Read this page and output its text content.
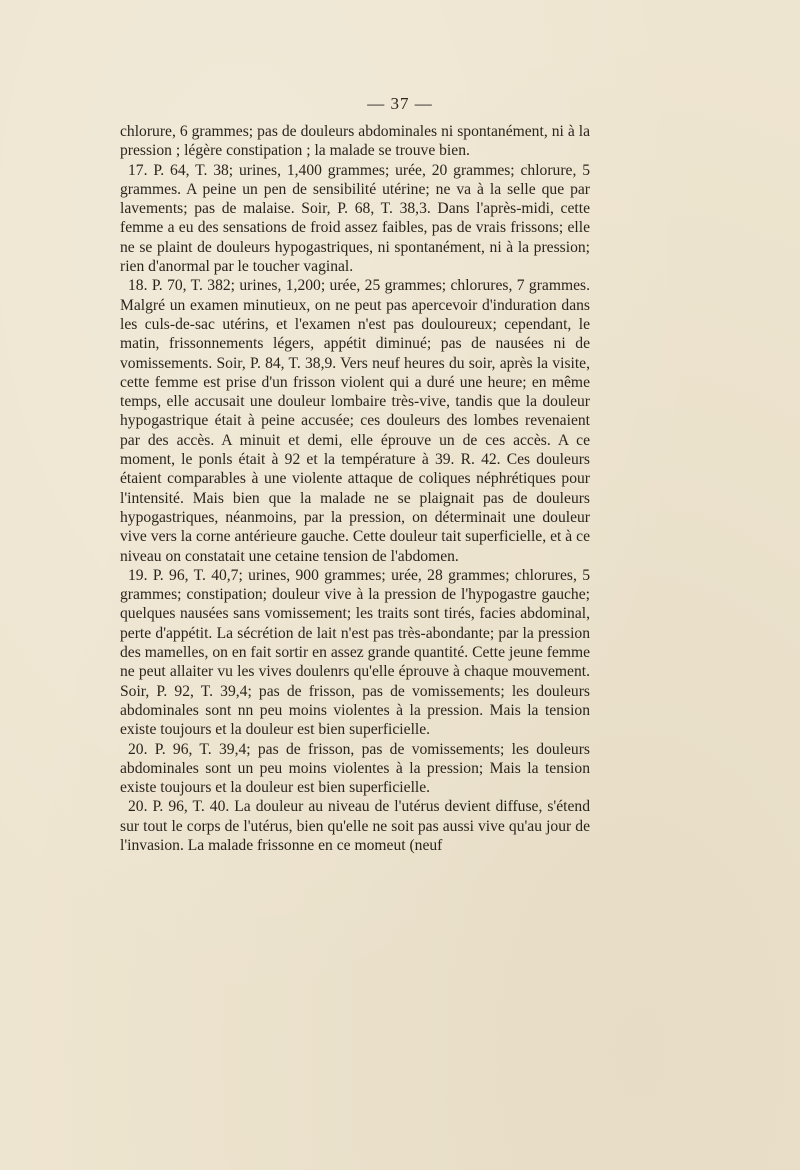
— 37 —

chlorure, 6 grammes; pas de douleurs abdominales ni spontanément, ni à la pression ; légère constipation ; la malade se trouve bien.

17. P. 64, T. 38; urines, 1,400 grammes; urée, 20 grammes; chlorure, 5 grammes. A peine un pen de sensibilité utérine; ne va à la selle que par lavements; pas de malaise. Soir, P. 68, T. 38,3. Dans l'après-midi, cette femme a eu des sensations de froid assez faibles, pas de vrais frissons; elle ne se plaint de douleurs hypogastriques, ni spontanément, ni à la pression; rien d'anormal par le toucher vaginal.

18. P. 70, T. 382; urines, 1,200; urée, 25 grammes; chlorures, 7 grammes. Malgré un examen minutieux, on ne peut pas apercevoir d'induration dans les culs-de-sac utérins, et l'examen n'est pas douloureux; cependant, le matin, frissonnements légers, appétit diminué; pas de nausées ni de vomissements. Soir, P. 84, T. 38,9. Vers neuf heures du soir, après la visite, cette femme est prise d'un frisson violent qui a duré une heure; en même temps, elle accusait une douleur lombaire très-vive, tandis que la douleur hypogastrique était à peine accusée; ces douleurs des lombes revenaient par des accès. A minuit et demi, elle éprouve un de ces accès. A ce moment, le ponls était à 92 et la température à 39. R. 42. Ces douleurs étaient comparables à une violente attaque de coliques néphrétiques pour l'intensité. Mais bien que la malade ne se plaignait pas de douleurs hypogastriques, néanmoins, par la pression, on déterminait une douleur vive vers la corne antérieure gauche. Cette douleur tait superficielle, et à ce niveau on constatait une cetaine tension de l'abdomen.

19. P. 96, T. 40,7; urines, 900 grammes; urée, 28 grammes; chlorures, 5 grammes; constipation; douleur vive à la pression de l'hypogastre gauche; quelques nausées sans vomissement; les traits sont tirés, facies abdominal, perte d'appétit. La sécrétion de lait n'est pas très-abondante; par la pression des mamelles, on en fait sortir en assez grande quantité. Cette jeune femme ne peut allaiter vu les vives doulenrs qu'elle éprouve à chaque mouvement. Soir, P. 92, T. 39,4; pas de frisson, pas de vomissements; les douleurs abdominales sont nn peu moins violentes à la pression. Mais la tension existe toujours et la douleur est bien superficielle.

20. P. 96, T. 39,4; pas de frisson, pas de vomissements; les douleurs abdominales sont un peu moins violentes à la pression; Mais la tension existe toujours et la douleur est bien superficielle.

20. P. 96, T. 40. La douleur au niveau de l'utérus devient diffuse, s'étend sur tout le corps de l'utérus, bien qu'elle ne soit pas aussi vive qu'au jour de l'invasion. La malade frissonne en ce momeut (neuf
